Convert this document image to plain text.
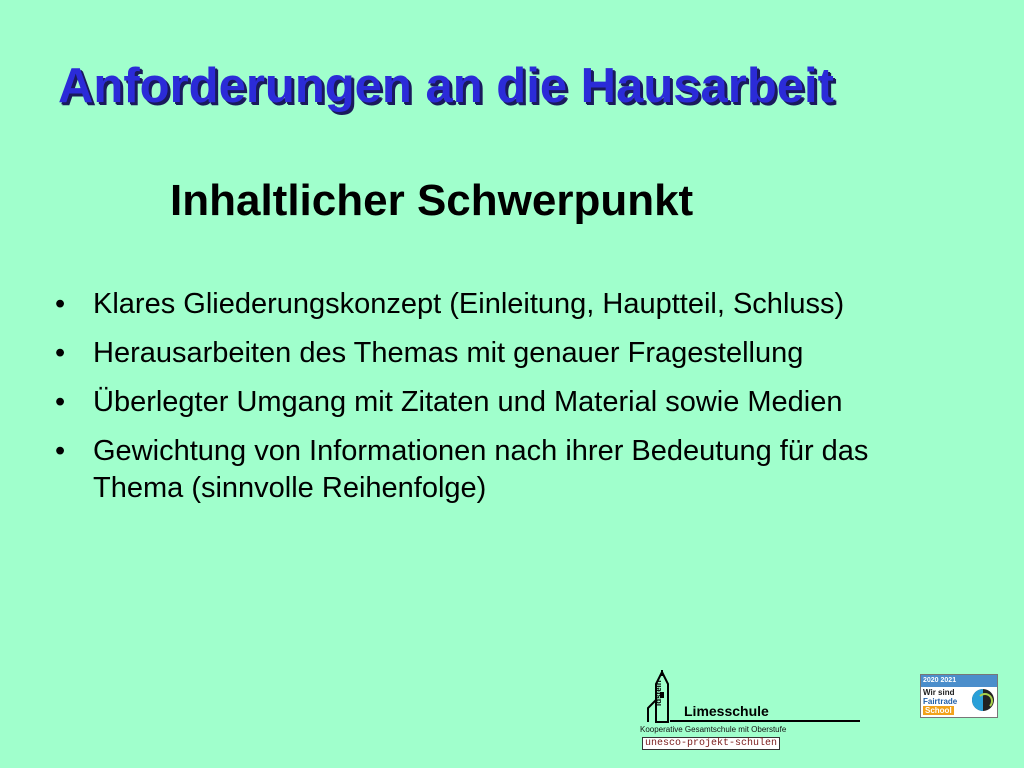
Anforderungen an die Hausarbeit
Inhaltlicher Schwerpunkt
• Klares Gliederungskonzept (Einleitung, Hauptteil, Schluss)
• Herausarbeiten des Themas mit genauer Fragestellung
• Überlegter Umgang mit Zitaten und Material sowie Medien
• Gewichtung von Informationen nach ihrer Bedeutung für das Thema (sinnvolle Reihenfolge)
Idstein
Limesschule
Kooperative Gesamtschule mit Oberstufe
unesco-projekt-schulen
2020 2021
Wir sind
Fairtrade
School
